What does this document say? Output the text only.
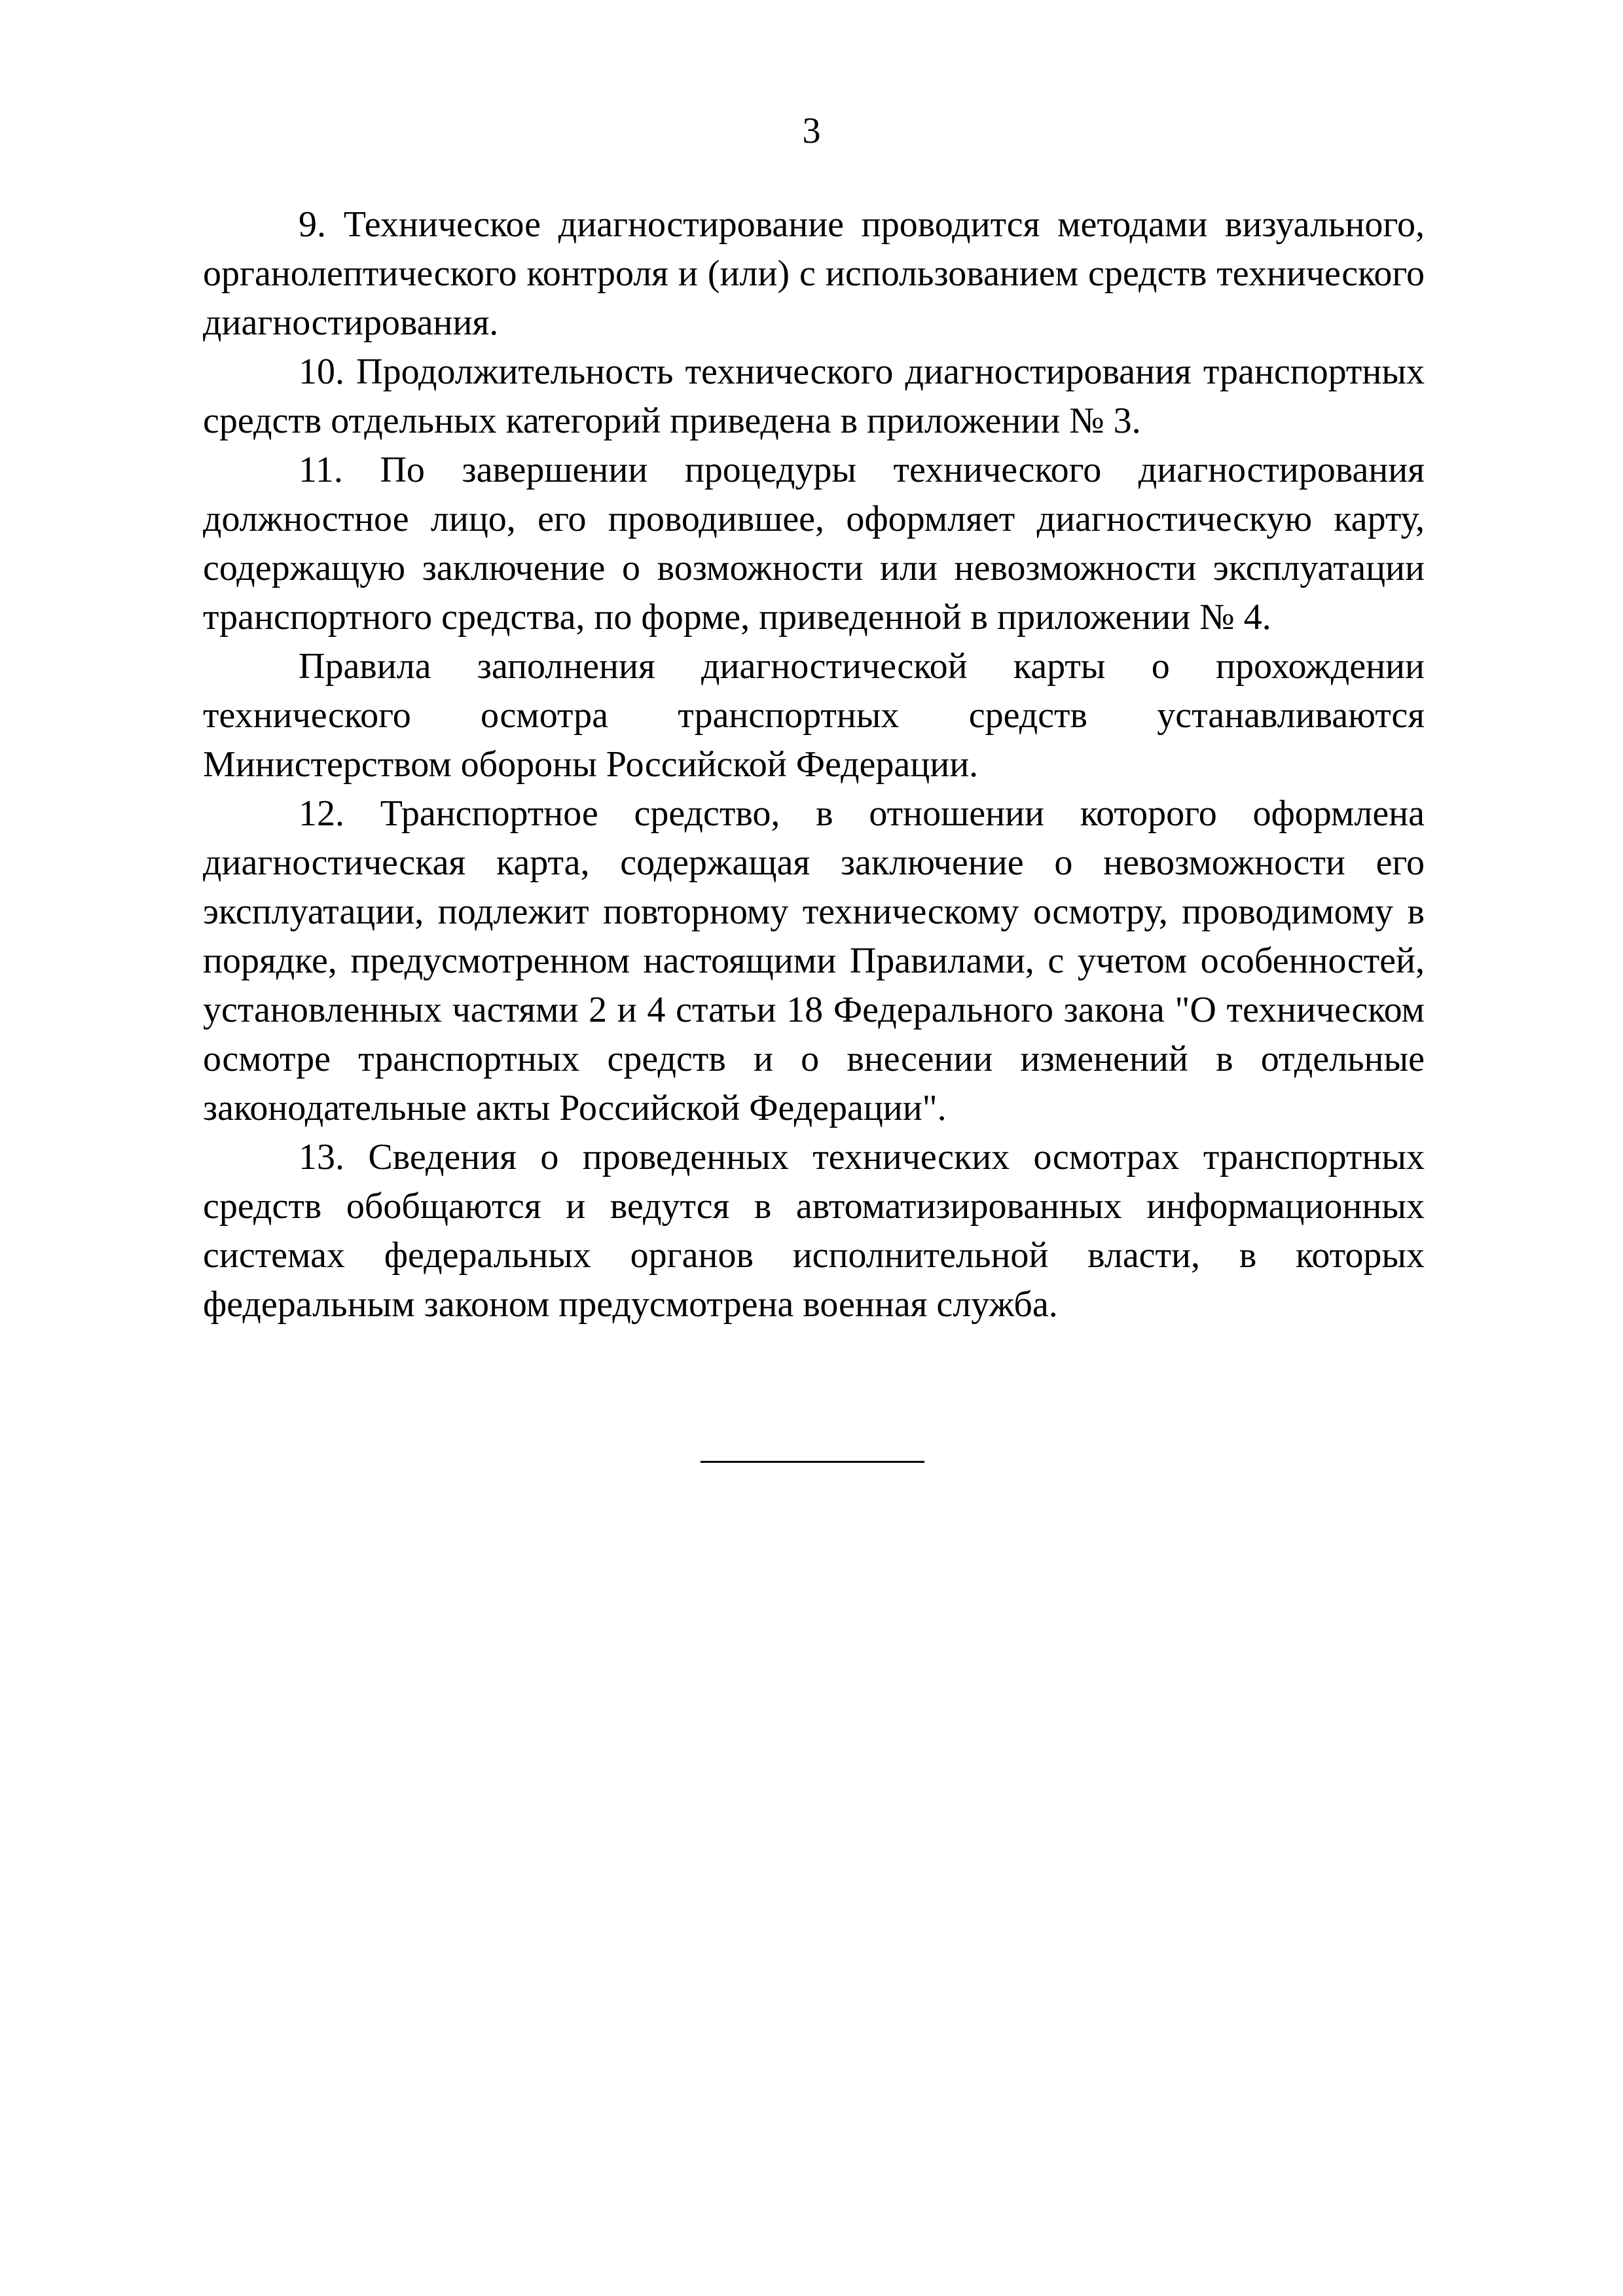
3

9. Техническое диагностирование проводится методами визуального, органолептического контроля и (или) с использованием средств технического диагностирования.

10. Продолжительность технического диагностирования транспортных средств отдельных категорий приведена в приложении № 3.

11. По завершении процедуры технического диагностирования должностное лицо, его проводившее, оформляет диагностическую карту, содержащую заключение о возможности или невозможности эксплуатации транспортного средства, по форме, приведенной в приложении № 4.

Правила заполнения диагностической карты о прохождении технического осмотра транспортных средств устанавливаются Министерством обороны Российской Федерации.

12. Транспортное средство, в отношении которого оформлена диагностическая карта, содержащая заключение о невозможности его эксплуатации, подлежит повторному техническому осмотру, проводимому в порядке, предусмотренном настоящими Правилами, с учетом особенностей, установленных частями 2 и 4 статьи 18 Федерального закона "О техническом осмотре транспортных средств и о внесении изменений в отдельные законодательные акты Российской Федерации".

13. Сведения о проведенных технических осмотрах транспортных средств обобщаются и ведутся в автоматизированных информационных системах федеральных органов исполнительной власти, в которых федеральным законом предусмотрена военная служба.
